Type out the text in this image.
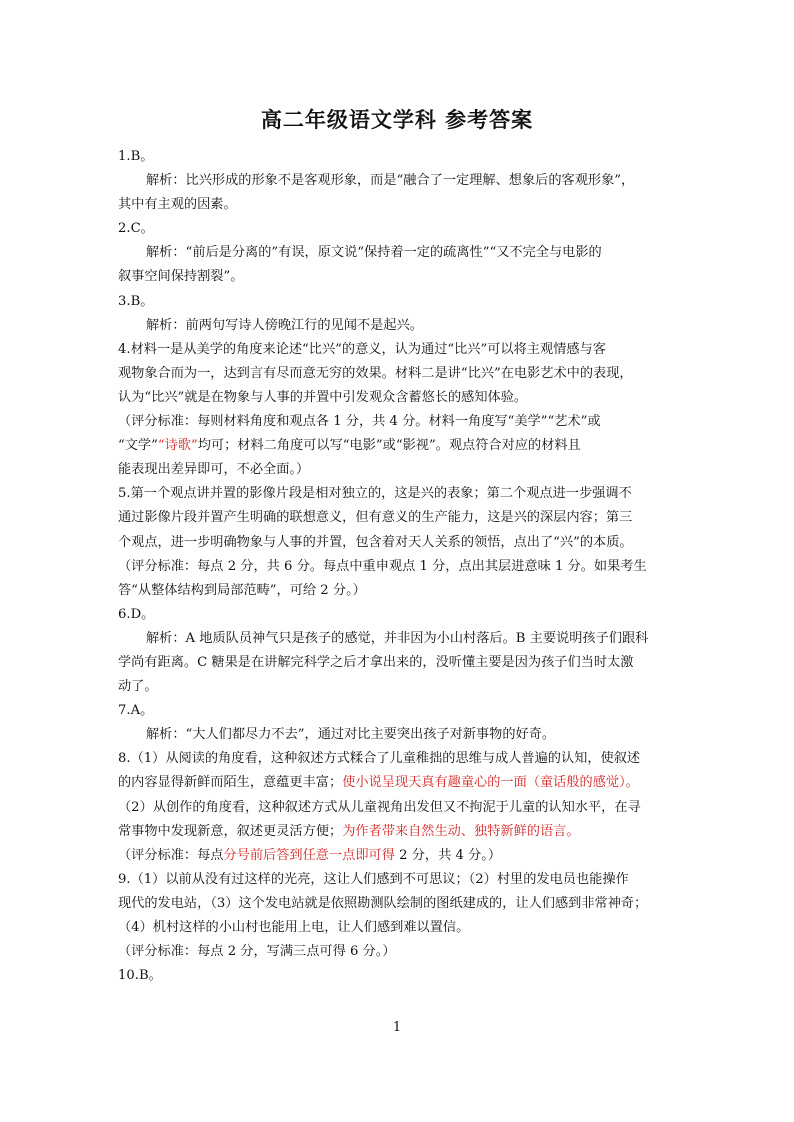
高二年级语文学科 参考答案
1.B。
解析：比兴形成的形象不是客观形象，而是“融合了一定理解、想象后的客观形象”，
其中有主观的因素。
2.C。
解析：“前后是分离的”有误，原文说“保持着一定的疏离性”“又不完全与电影的
叙事空间保持割裂”。
3.B。
解析：前两句写诗人傍晚江行的见闻不是起兴。
4.材料一是从美学的角度来论述“比兴”的意义，认为通过“比兴”可以将主观情感与客
观物象合而为一，达到言有尽而意无穷的效果。材料二是讲“比兴”在电影艺术中的表现，
认为“比兴”就是在物象与人事的并置中引发观众含蓄悠长的感知体验。
（评分标准：每则材料角度和观点各 1 分，共 4 分。材料一角度写“美学”“艺术”或
“文学”“诗歌”均可；材料二角度可以写“电影”或“影视”。观点符合对应的材料且
能表现出差异即可，不必全面。）
5.第一个观点讲并置的影像片段是相对独立的，这是兴的表象；第二个观点进一步强调不
通过影像片段并置产生明确的联想意义，但有意义的生产能力，这是兴的深层内容；第三
个观点，进一步明确物象与人事的并置，包含着对天人关系的领悟，点出了“兴”的本质。
（评分标准：每点 2 分，共 6 分。每点中重申观点 1 分，点出其层进意味 1 分。如果考生
答“从整体结构到局部范畴”，可给 2 分。）
6.D。
解析：A 地质队员神气只是孩子的感觉，并非因为小山村落后。B 主要说明孩子们跟科
学尚有距离。C 糖果是在讲解完科学之后才拿出来的，没听懂主要是因为孩子们当时太激
动了。
7.A。
解析：“大人们都尽力不去”，通过对比主要突出孩子对新事物的好奇。
8.（1）从阅读的角度看，这种叙述方式糅合了儿童稚拙的思维与成人普遍的认知，使叙述
的内容显得新鲜而陌生，意蕴更丰富；使小说呈现天真有趣童心的一面（童话般的感觉）。
（2）从创作的角度看，这种叙述方式从儿童视角出发但又不拘泥于儿童的认知水平，在寻
常事物中发现新意，叙述更灵活方便；为作者带来自然生动、独特新鲜的语言。
（评分标准：每点分号前后答到任意一点即可得 2 分，共 4 分。）
9.（1）以前从没有过这样的光亮，这让人们感到不可思议；（2）村里的发电员也能操作
现代的发电站，（3）这个发电站就是依照勘测队绘制的图纸建成的，让人们感到非常神奇；
（4）机村这样的小山村也能用上电，让人们感到难以置信。
（评分标准：每点 2 分，写满三点可得 6 分。）
10.B。
1
